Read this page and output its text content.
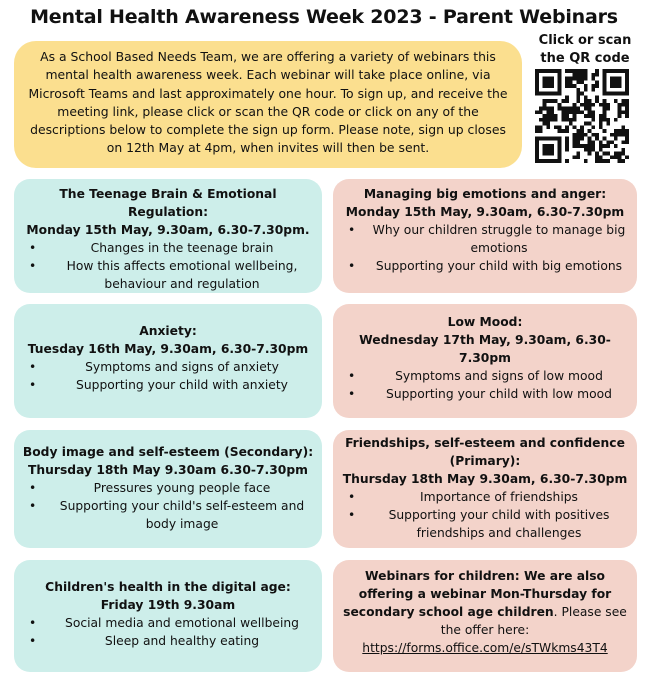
Mental Health Awareness Week 2023 - Parent Webinars
As a School Based Needs Team, we are offering a variety of webinars this mental health awareness week. Each webinar will take place online, via Microsoft Teams and last approximately one hour. To sign up, and receive the meeting link, please click or scan the QR code or click on any of the descriptions below to complete the sign up form. Please note, sign up closes on 12th May at 4pm, when invites will then be sent.
Click or scan the QR code
The Teenage Brain & Emotional Regulation:
Monday 15th May, 9.30am, 6.30-7.30pm.
• Changes in the teenage brain
• How this affects emotional wellbeing, behaviour and regulation
Managing big emotions and anger:
Monday 15th May, 9.30am, 6.30-7.30pm
• Why our children struggle to manage big emotions
• Supporting your child with big emotions
Anxiety:
Tuesday 16th May, 9.30am, 6.30-7.30pm
• Symptoms and signs of anxiety
• Supporting your child with anxiety
Low Mood:
Wednesday 17th May, 9.30am, 6.30-7.30pm
• Symptoms and signs of low mood
• Supporting your child with low mood
Body image and self-esteem (Secondary):
Thursday 18th May 9.30am 6.30-7.30pm
• Pressures young people face
• Supporting your child's self-esteem and body image
Friendships, self-esteem and confidence (Primary):
Thursday 18th May 9.30am, 6.30-7.30pm
• Importance of friendships
• Supporting your child with positives friendships and challenges
Children's health in the digital age:
Friday 19th 9.30am
• Social media and emotional wellbeing
• Sleep and healthy eating

Webinars for children: We are also offering a webinar Mon-Thursday for secondary school age children. Please see the offer here:

https://forms.office.com/e/sTWkms43T4
